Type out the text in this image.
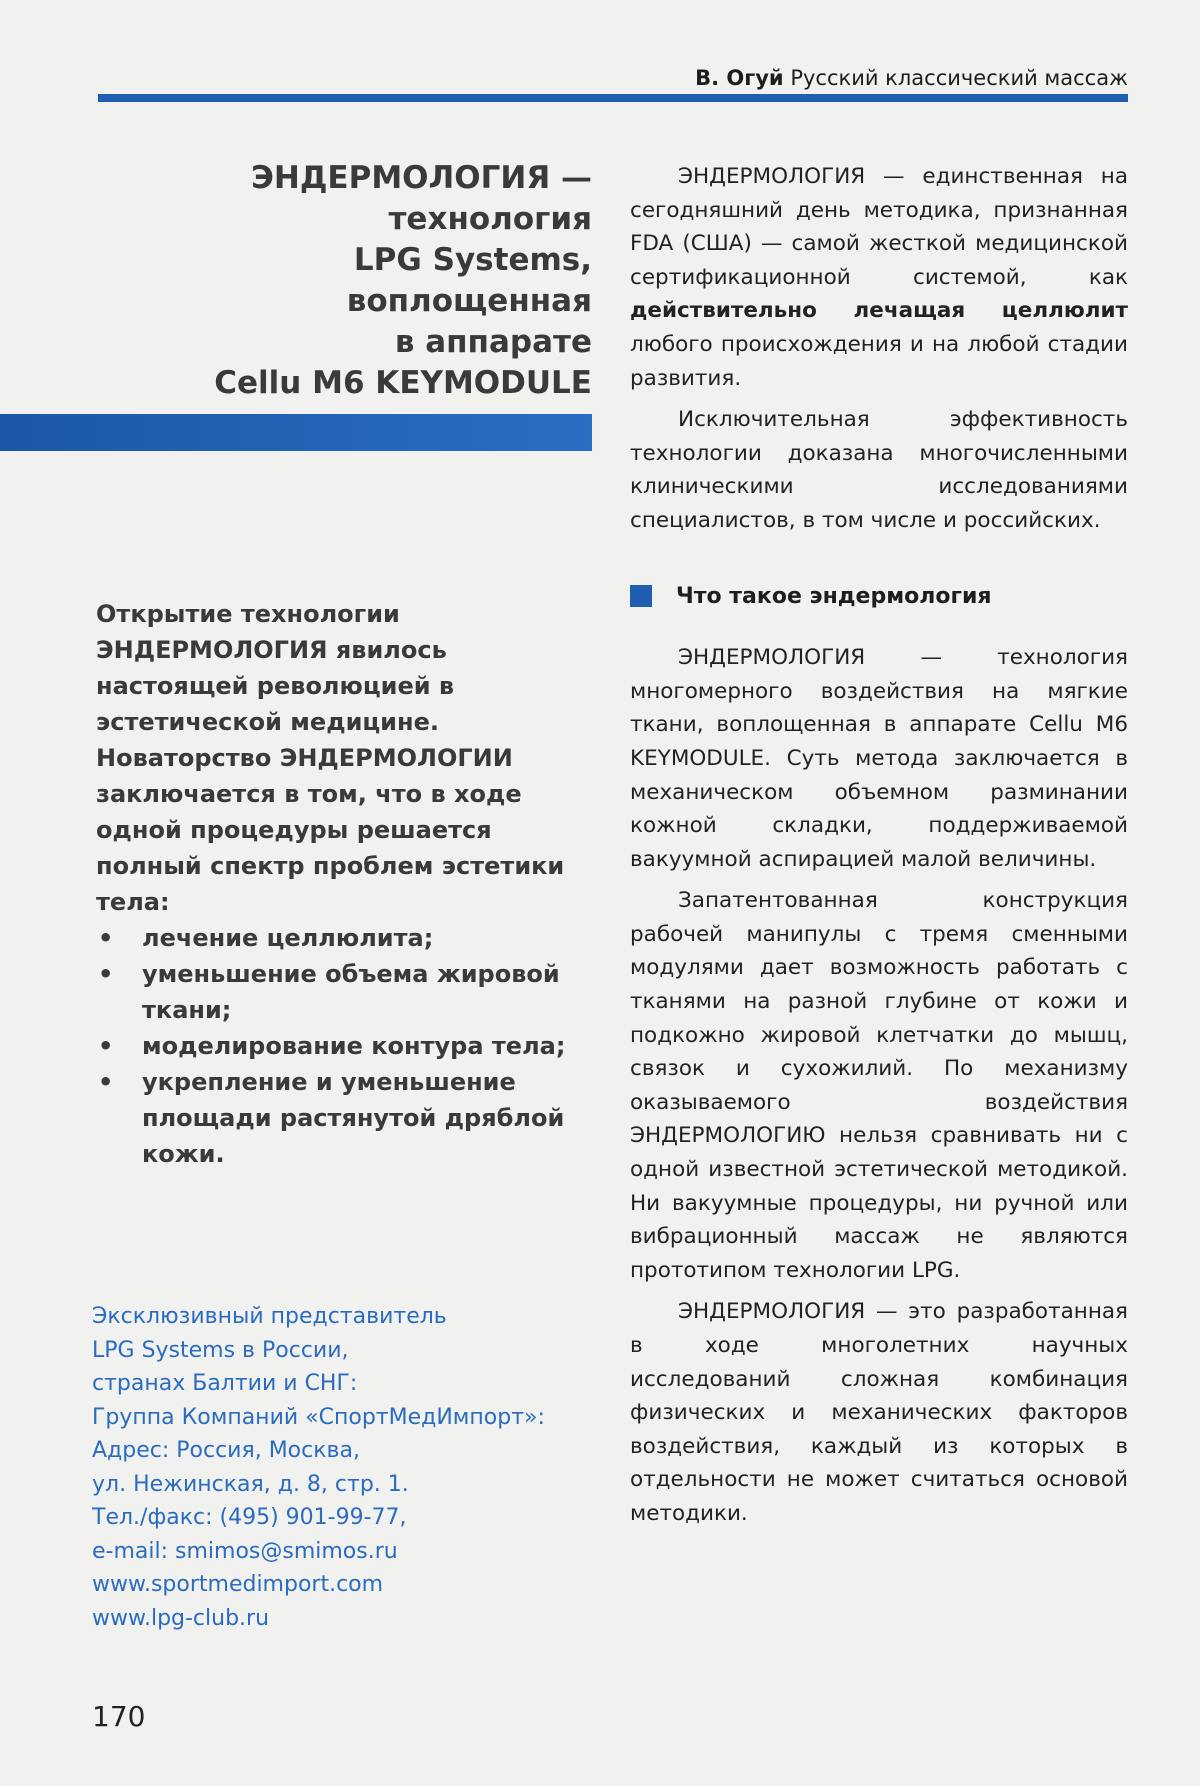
В. Огуй Русский классический массаж
ЭНДЕРМОЛОГИЯ —
технология
LPG Systems,
воплощенная
в аппарате
Cellu M6 KEYMODULE

Открытие технологии ЭНДЕРМОЛОГИЯ явилось настоящей революцией в эстетической медицине. Новаторство ЭНДЕРМОЛОГИИ заключается в том, что в ходе одной процедуры решается полный спектр проблем эстетики тела:

• лечение целлюлита;
• уменьшение объема жировой ткани;
• моделирование контура тела;
• укрепление и уменьшение площади растянутой дряблой кожи.
Эксклюзивный представитель
LPG Systems в России,
странах Балтии и СНГ:
Группа Компаний «СпортМедИмпорт»:
Адрес: Россия, Москва,
ул. Нежинская, д. 8, стр. 1.
Тел./факс: (495) 901-99-77,
e-mail: smimos@smimos.ru
www.sportmedimport.com
www.lpg-club.ru

ЭНДЕРМОЛОГИЯ — единственная на сегодняшний день методика, признанная FDA (США) — самой жесткой медицинской сертификационной системой, как действительно лечащая целлюлит любого происхождения и на любой стадии развития.

Исключительная эффективность технологии доказана многочисленными клиническими исследованиями специалистов, в том числе и российских.

Что такое эндермология

ЭНДЕРМОЛОГИЯ — технология многомерного воздействия на мягкие ткани, воплощенная в аппарате Cellu M6 KEYMODULE. Суть метода заключается в механическом объемном разминании кожной складки, поддерживаемой вакуумной аспирацией малой величины.

Запатентованная конструкция рабочей манипулы с тремя сменными модулями дает возможность работать с тканями на разной глубине от кожи и подкожно жировой клетчатки до мышц, связок и сухожилий. По механизму оказываемого воздействия ЭНДЕРМОЛОГИЮ нельзя сравнивать ни с одной известной эстетической методикой. Ни вакуумные процедуры, ни ручной или вибрационный массаж не являются прототипом технологии LPG.

ЭНДЕРМОЛОГИЯ — это разработанная в ходе многолетних научных исследований сложная комбинация физических и механических факторов воздействия, каждый из которых в отдельности не может считаться основой методики.

170
